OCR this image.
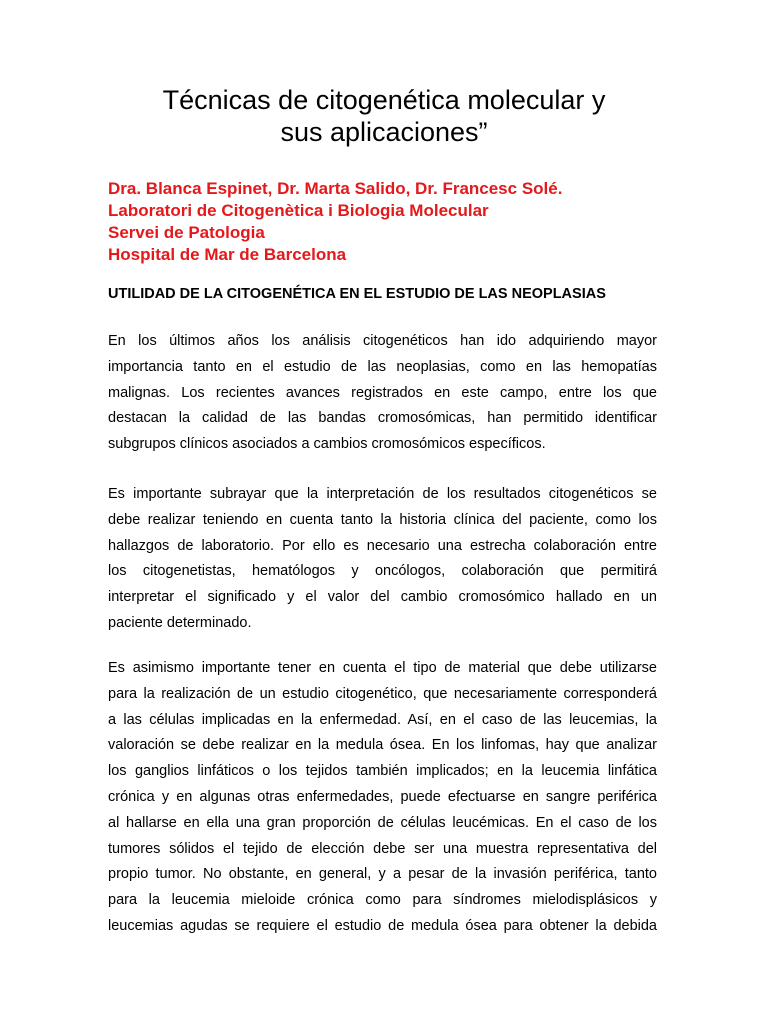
Técnicas de citogenética molecular y
sus aplicaciones”
Dra. Blanca Espinet, Dr. Marta Salido, Dr. Francesc Solé.
Laboratori de Citogenètica i Biologia Molecular
Servei de Patologia
Hospital de Mar de Barcelona
UTILIDAD DE LA CITOGENÉTICA EN EL ESTUDIO DE LAS NEOPLASIAS

En los últimos años los análisis citogenéticos han ido adquiriendo mayor
importancia tanto en el estudio de las neoplasias, como en las hemopatías
malignas. Los recientes avances registrados en este campo, entre los que
destacan la calidad de las bandas cromosómicas, han permitido identificar
subgrupos clínicos asociados a cambios cromosómicos específicos.

Es importante subrayar que la interpretación de los resultados citogenéticos se
debe realizar teniendo en cuenta tanto la historia clínica del paciente, como los
hallazgos de laboratorio. Por ello es necesario una estrecha colaboración entre
los citogenetistas, hematólogos y oncólogos, colaboración que permitirá
interpretar el significado y el valor del cambio cromosómico hallado en un
paciente determinado.

Es asimismo importante tener en cuenta el tipo de material que debe utilizarse
para la realización de un estudio citogenético, que necesariamente corresponderá
a las células implicadas en la enfermedad. Así, en el caso de las leucemias, la
valoración se debe realizar en la medula ósea. En los linfomas, hay que analizar
los ganglios linfáticos o los tejidos también implicados; en la leucemia linfática
crónica y en algunas otras enfermedades, puede efectuarse en sangre periférica
al hallarse en ella una gran proporción de células leucémicas. En el caso de los
tumores sólidos el tejido de elección debe ser una muestra representativa del
propio tumor. No obstante, en general, y a pesar de la invasión periférica, tanto
para la leucemia mieloide crónica como para síndromes mielodisplásicos y
leucemias agudas se requiere el estudio de medula ósea para obtener la debida
